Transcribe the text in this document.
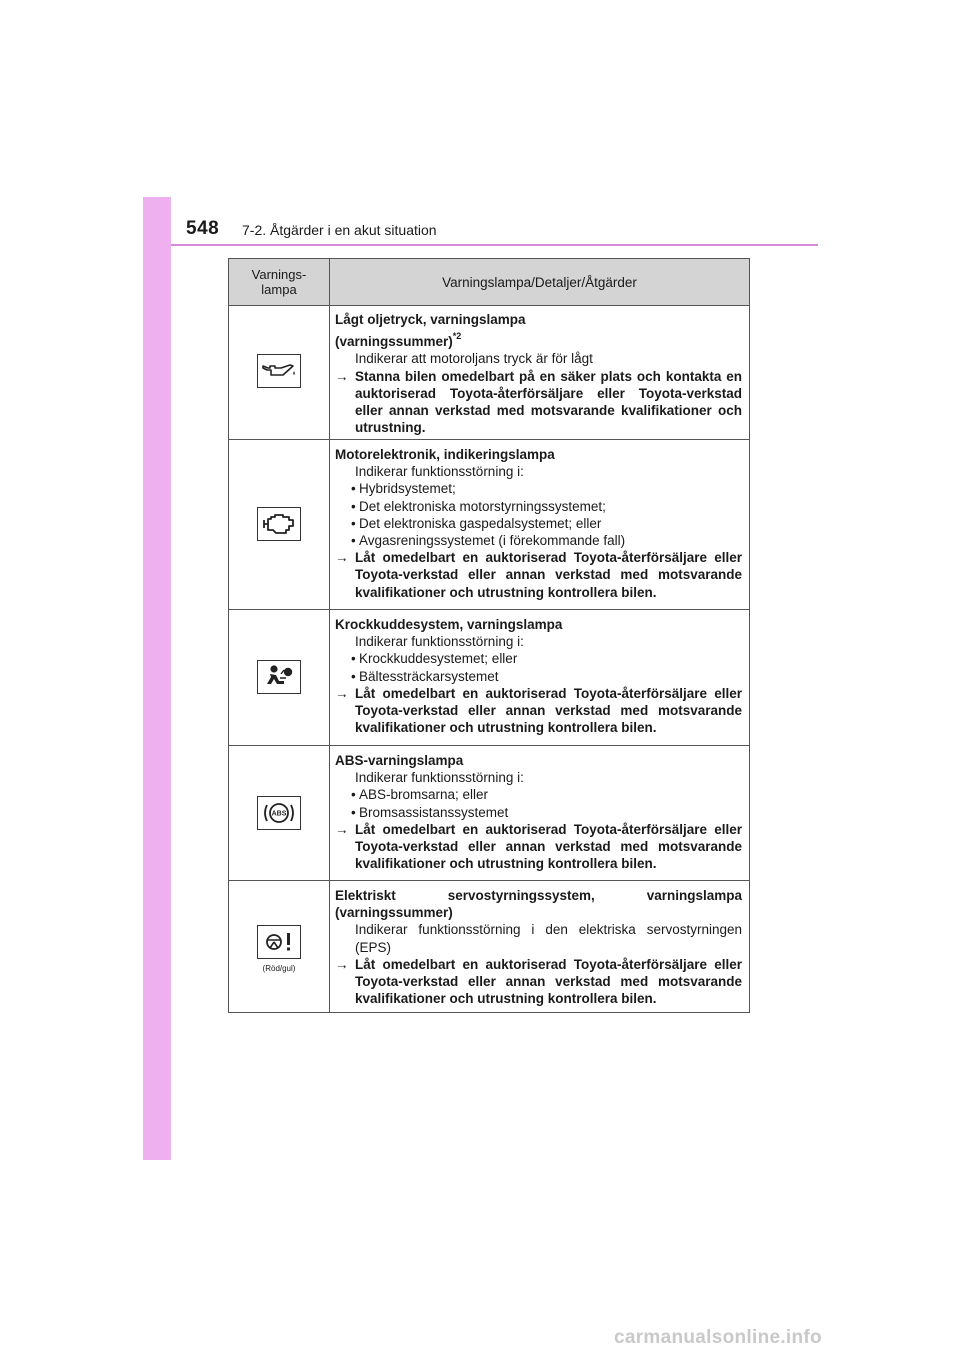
548 7-2. Åtgärder i en akut situation
Varnings-
lampa	Varningslampa/Detaljer/Åtgärder
Lågt oljetryck, varningslampa
(varningssummer)$^{*2}$
Indikerar att motoroljans tryck är för lågt
→ Stanna bilen omedelbart på en säker plats och kontakta en auktoriserad Toyota-återförsäljare eller Toyota-verkstad eller annan verkstad med motsvarande kvalifikationer och utrustning.
Motorelektronik, indikeringslampa
Indikerar funktionsstörning i:
• Hybridsystemet;
• Det elektroniska motorstyrningssystemet;
• Det elektroniska gaspedalsystemet; eller
• Avgasreningssystemet (i förekommande fall)
→ Låt omedelbart en auktoriserad Toyota-återförsäljare eller Toyota-verkstad eller annan verkstad med motsvarande kvalifikationer och utrustning kontrollera bilen.
Krockkuddesystem, varningslampa
Indikerar funktionsstörning i:
• Krockkuddesystemet; eller
• Bältessträckarsystemet
→ Låt omedelbart en auktoriserad Toyota-återförsäljare eller Toyota-verkstad eller annan verkstad med motsvarande kvalifikationer och utrustning kontrollera bilen.
ABS
ABS-varningslampa
Indikerar funktionsstörning i:
• ABS-bromsarna; eller
• Bromsassistanssystemet
→ Låt omedelbart en auktoriserad Toyota-återförsäljare eller Toyota-verkstad eller annan verkstad med motsvarande kvalifikationer och utrustning kontrollera bilen.
(Röd/gul)
Elektriskt servostyrningssystem, varningslampa (varningssummer)
Indikerar funktionsstörning i den elektriska servostyrningen (EPS)
→ Låt omedelbart en auktoriserad Toyota-återförsäljare eller Toyota-verkstad eller annan verkstad med motsvarande kvalifikationer och utrustning kontrollera bilen.
carmanualsonline.info
